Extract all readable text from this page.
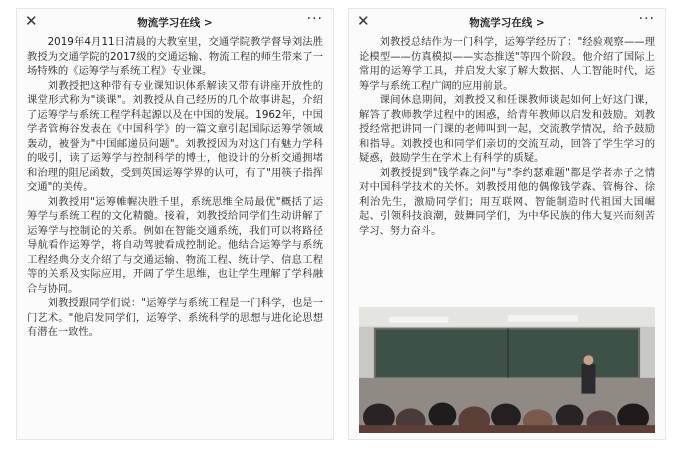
✕	物流学习在线 >	···

2019年4月11日清晨的大教室里，交通学院教学督导刘法胜教授为交通学院的2017级的交通运输、物流工程的师生带来了一场特殊的《运筹学与系统工程》专业课。

刘教授把这种带有专业课知识体系解读又带有讲座开放性的课堂形式称为"谈课"。刘教授从自己经历的几个故事讲起，介绍了运筹学与系统工程学科起源以及在中国的发展。1962年，中国学者管梅谷发表在《中国科学》的一篇文章引起国际运筹学领域轰动，被誉为"中国邮递员问题"。刘教授因为对这门有魅力学科的吸引，读了运筹学与控制科学的博士，他设计的分析交通拥堵和治理的阻尼函数，受到英国运筹学界的认可，有了"用筷子指挥交通"的美传。

刘教授用"运筹帷幄决胜千里，系统思维全局最优"概括了运筹学与系统工程的文化精髓。接着，刘教授给同学们生动讲解了运筹学与控制论的关系。例如在智能交通系统，我们可以将路径导航看作运筹学，将自动驾驶看成控制论。他结合运筹学与系统工程经典分支介绍了与交通运输、物流工程、统计学、信息工程等的关系及实际应用，开阔了学生思维，也让学生理解了学科融合与协同。

刘教授跟同学们说："运筹学与系统工程是一门科学，也是一门艺术。"他启发同学们，运筹学、系统科学的思想与进化论思想有潜在一致性。

✕	物流学习在线 >	···

刘教授总结作为一门科学，运筹学经历了："经验观察——理论模型——仿真模拟——实态推送"等四个阶段。他介绍了国际上常用的运筹学工具，并启发大家了解大数据、人工智能时代，运筹学与系统工程广阔的应用前景。

课间休息期间，刘教授又和任课教师谈起如何上好这门课，解答了教师教学过程中的困惑，给青年教师以启发和鼓励。刘教授经常把讲同一门课的老师叫到一起，交流教学情况，给予鼓励和指导。刘教授也和同学们亲切的交流互动，回答了学生学习的疑惑，鼓励学生在学术上有科学的质疑。

刘教授提到"钱学森之问"与"李约瑟难题"都是学者赤子之情对中国科学技术的关怀。刘教授用他的偶像钱学森、管梅谷、徐利治先生，激励同学们；用互联网、智能制造时代祖国大国崛起、引领科技浪潮，鼓舞同学们，为中华民族的伟大复兴而刻苦学习、努力奋斗。
